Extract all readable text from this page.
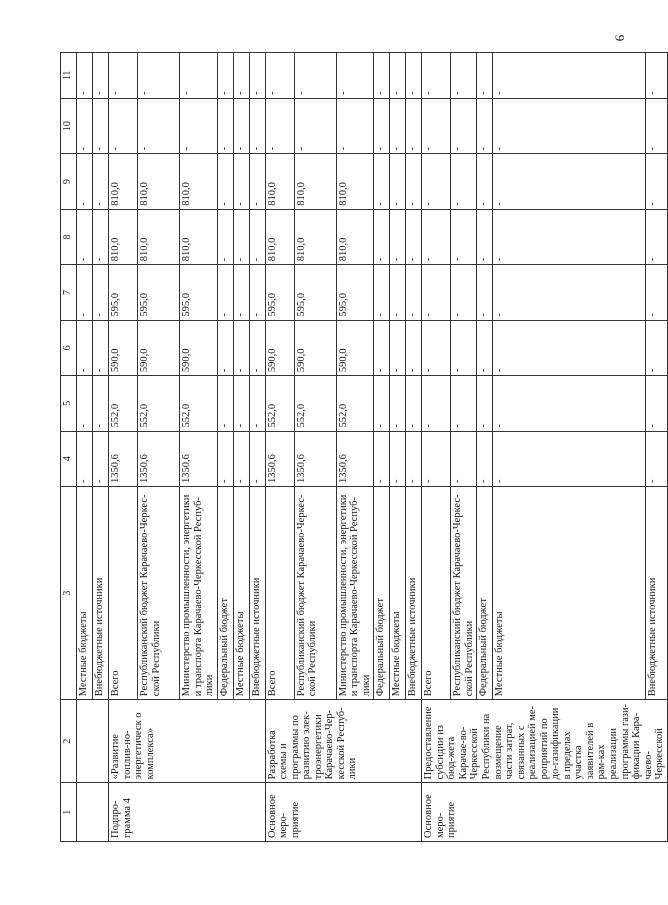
9
1	2	3	4	5	6	7	8	9	10	11
		Местные бюджеты	-	-	-	-	-	-	-	-
		Внебюджетные источники	-	-	-	-	-	-	-	-
Подпро-грамма 4	«Развитие топлив-но-энергетическ о комплекса»	Всего	1350,6	552,0	590,0	595,0	810,0	810,0	-	-
		Республиканский бюджет Карачаево-Черкес-ской Республики	1350,6	552,0	590,0	595,0	810,0	810,0	-	-
		Министерство промышленности, энергетики и транспорта Карачаево-Черкесской Респуб-лики	1350,6	552,0	590,0	595,0	810,0	810,0	-	-
		Федеральный бюджет	-	-	-	-	-	-	-	-
		Местные бюджеты	-	-	-	-	-	-	-	-
		Внебюджетные источники	-	-	-	-	-	-	-	-
Основное меро-приятие	Разработка схемы и программы по развитию элек-троэнергетики Карачаево-Чер-кесской Респуб-лики	Всего	1350,6	552,0	590,0	595,0	810,0	810,0	-	-
		Республиканский бюджет Карачаево-Черкес-ской Республики	1350,6	552,0	590,0	595,0	810,0	810,0	-	-
		Министерство промышленности, энергетики и транспорта Карачаево-Черкесской Респуб-лики	1350,6	552,0	590,0	595,0	810,0	810,0	-	-
		Федеральный бюджет	-	-	-	-	-	-	-	-
		Местные бюджеты	-	-	-	-	-	-	-	-
		Внебюджетные источники	-	-	-	-	-	-	-	-
Основное меро-приятие	Предоставление субсидии из бюд-жета Карачае-во-Черкесской Республики на возмещение части затрат, связанных с реализацией ме-роприятий по до-газификации в пределах участка заявителей в рам-ках реализации программы гази-фикации Кара-чаево-Черкесской	Всего	-	-	-	-	-	-	-	-
		Республиканский бюджет Карачаево-Черкес-ской Республики	-	-	-	-	-	-	-	-
		Федеральный бюджет	-	-	-	-	-	-	-	-
		Местные бюджеты	-	-	-	-	-	-	-	-
		Внебюджетные источники	-	-	-	-	-	-	-	-
